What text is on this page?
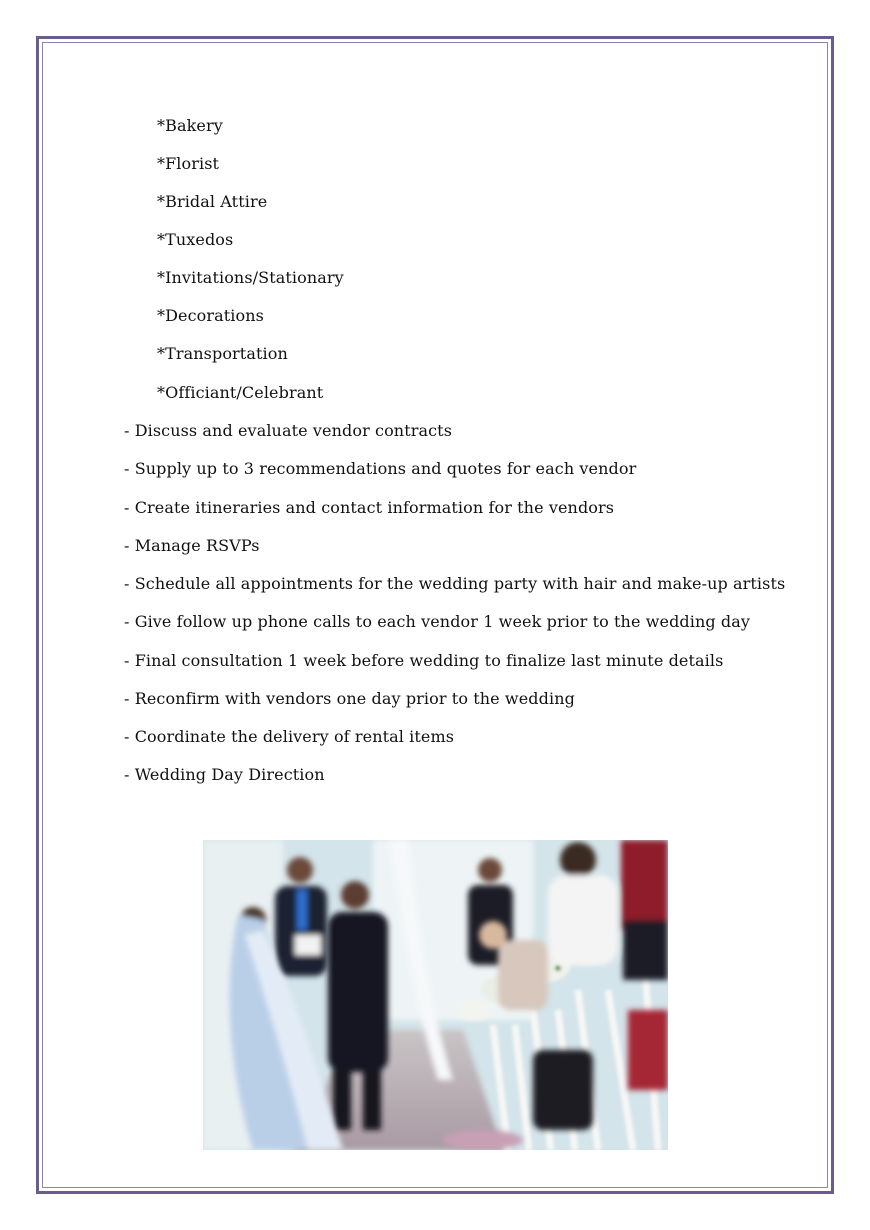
*Bakery
*Florist
*Bridal Attire
*Tuxedos
*Invitations/Stationary
*Decorations
*Transportation
*Officiant/Celebrant
- Discuss and evaluate vendor contracts
- Supply up to 3 recommendations and quotes for each vendor
- Create itineraries and contact information for the vendors
- Manage RSVPs
- Schedule all appointments for the wedding party with hair and make-up artists
- Give follow up phone calls to each vendor 1 week prior to the wedding day
- Final consultation 1 week before wedding to finalize last minute details
- Reconfirm with vendors one day prior to the wedding
- Coordinate the delivery of rental items
- Wedding Day Direction
